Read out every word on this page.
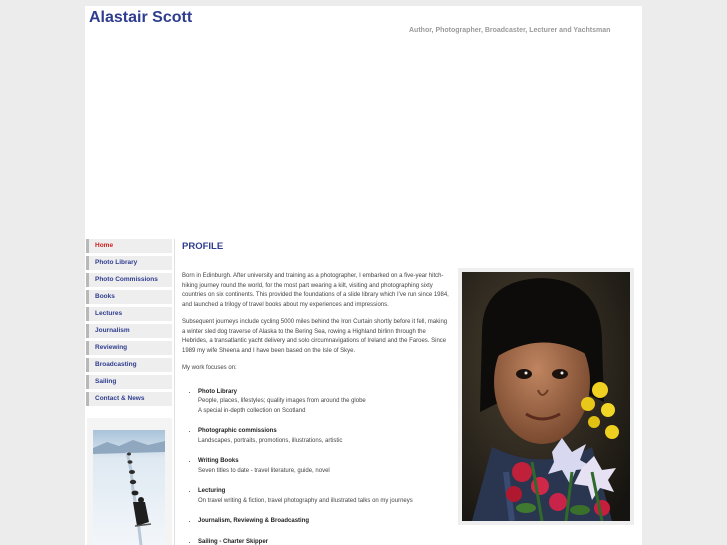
Alastair Scott
Author, Photographer, Broadcaster, Lecturer and Yachtsman
Home
Photo Library
Photo Commissions
Books
Lectures
Journalism
Reviewing
Broadcasting
Sailing
Contact & News
PROFILE

Born in Edinburgh. After university and training as a photographer, I embarked on a five-year hitch-hiking journey round the world, for the most part wearing a kilt, visiting and photographing sixty countries on six continents. This provided the foundations of a slide library which I've run since 1984, and launched a trilogy of travel books about my experiences and impressions.

Subsequent journeys include cycling 5000 miles behind the Iron Curtain shortly before it fell, making a winter sled dog traverse of Alaska to the Bering Sea, rowing a Highland birlinn through the Hebrides, a transatlantic yacht delivery and solo circumnavigations of Ireland and the Faroes. Since 1989 my wife Sheena and I have been based on the Isle of Skye.

My work focuses on:

• Photo Library
People, places, lifestyles; quality images from around the globe
A special in-depth collection on Scotland
• Photographic commissions
Landscapes, portraits, promotions, illustrations, artistic
• Writing Books
Seven titles to date - travel literature, guide, novel
• Lecturing
On travel writing & fiction, travel photography and illustrated talks on my journeys
• Journalism, Reviewing & Broadcasting
• Sailing - Charter Skipper
